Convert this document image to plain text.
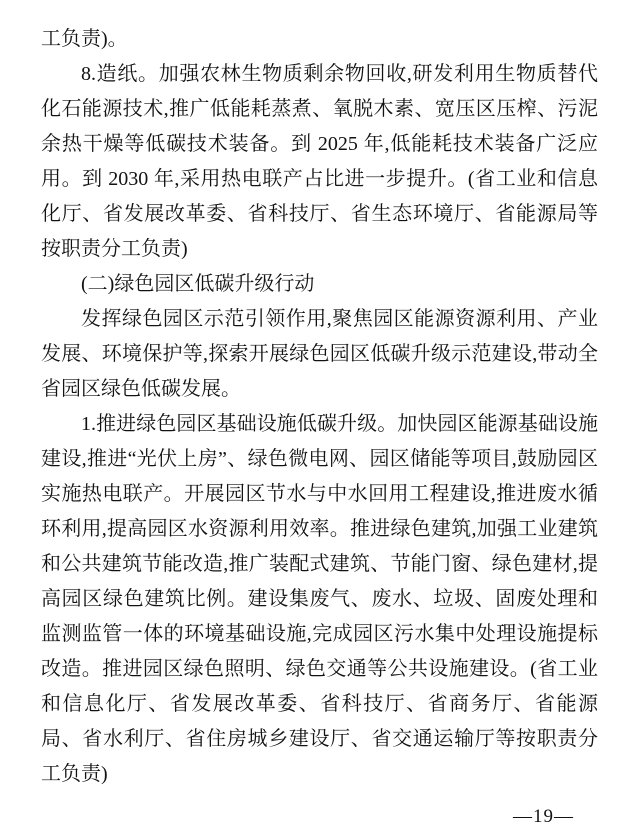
工负责)。

8.造纸。加强农林生物质剩余物回收,研发利用生物质替代化石能源技术,推广低能耗蒸煮、氧脱木素、宽压区压榨、污泥余热干燥等低碳技术装备。到 2025 年,低能耗技术装备广泛应用。到 2030 年,采用热电联产占比进一步提升。(省工业和信息化厅、省发展改革委、省科技厅、省生态环境厅、省能源局等按职责分工负责)

(二)绿色园区低碳升级行动

发挥绿色园区示范引领作用,聚焦园区能源资源利用、产业发展、环境保护等,探索开展绿色园区低碳升级示范建设,带动全省园区绿色低碳发展。

1.推进绿色园区基础设施低碳升级。加快园区能源基础设施建设,推进“光伏上房”、绿色微电网、园区储能等项目,鼓励园区实施热电联产。开展园区节水与中水回用工程建设,推进废水循环利用,提高园区水资源利用效率。推进绿色建筑,加强工业建筑和公共建筑节能改造,推广装配式建筑、节能门窗、绿色建材,提高园区绿色建筑比例。建设集废气、废水、垃圾、固废处理和监测监管一体的环境基础设施,完成园区污水集中处理设施提标改造。推进园区绿色照明、绿色交通等公共设施建设。(省工业和信息化厅、省发展改革委、省科技厅、省商务厅、省能源局、省水利厅、省住房城乡建设厅、省交通运输厅等按职责分工负责)

—19—
